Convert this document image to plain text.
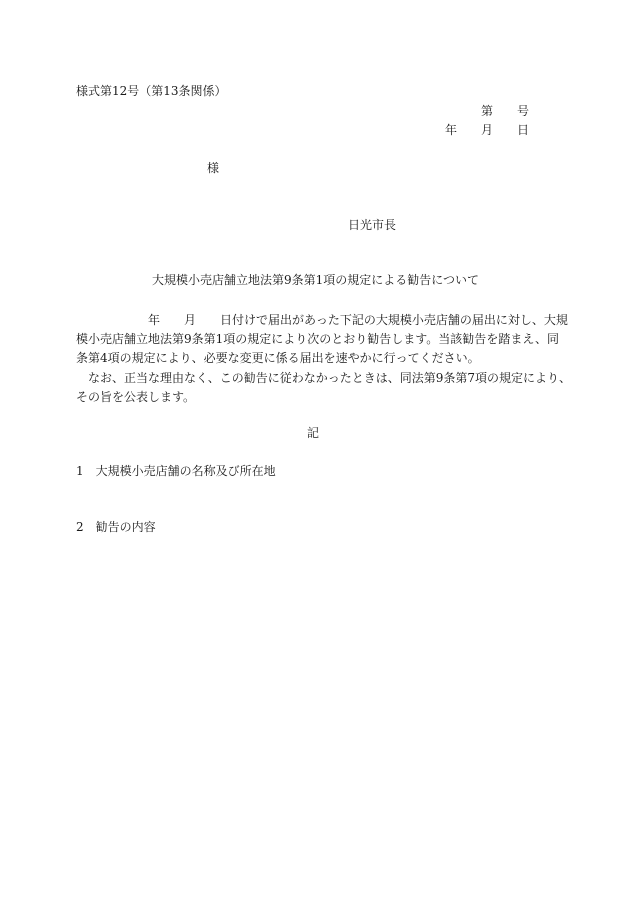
様式第12号（第13条関係）

第　　号

年　　月　　日

様

日光市長

大規模小売店舗立地法第9条第1項の規定による勧告について

　　　　　　年　　月　　日付けで届出があった下記の大規模小売店舗の届出に対し、大規

模小売店舗立地法第9条第1項の規定により次のとおり勧告します。当該勧告を踏まえ、同

条第4項の規定により、必要な変更に係る届出を速やかに行ってください。

　なお、正当な理由なく、この勧告に従わなかったときは、同法第9条第7項の規定により、

その旨を公表します。

記

1　大規模小売店舗の名称及び所在地

2　勧告の内容
